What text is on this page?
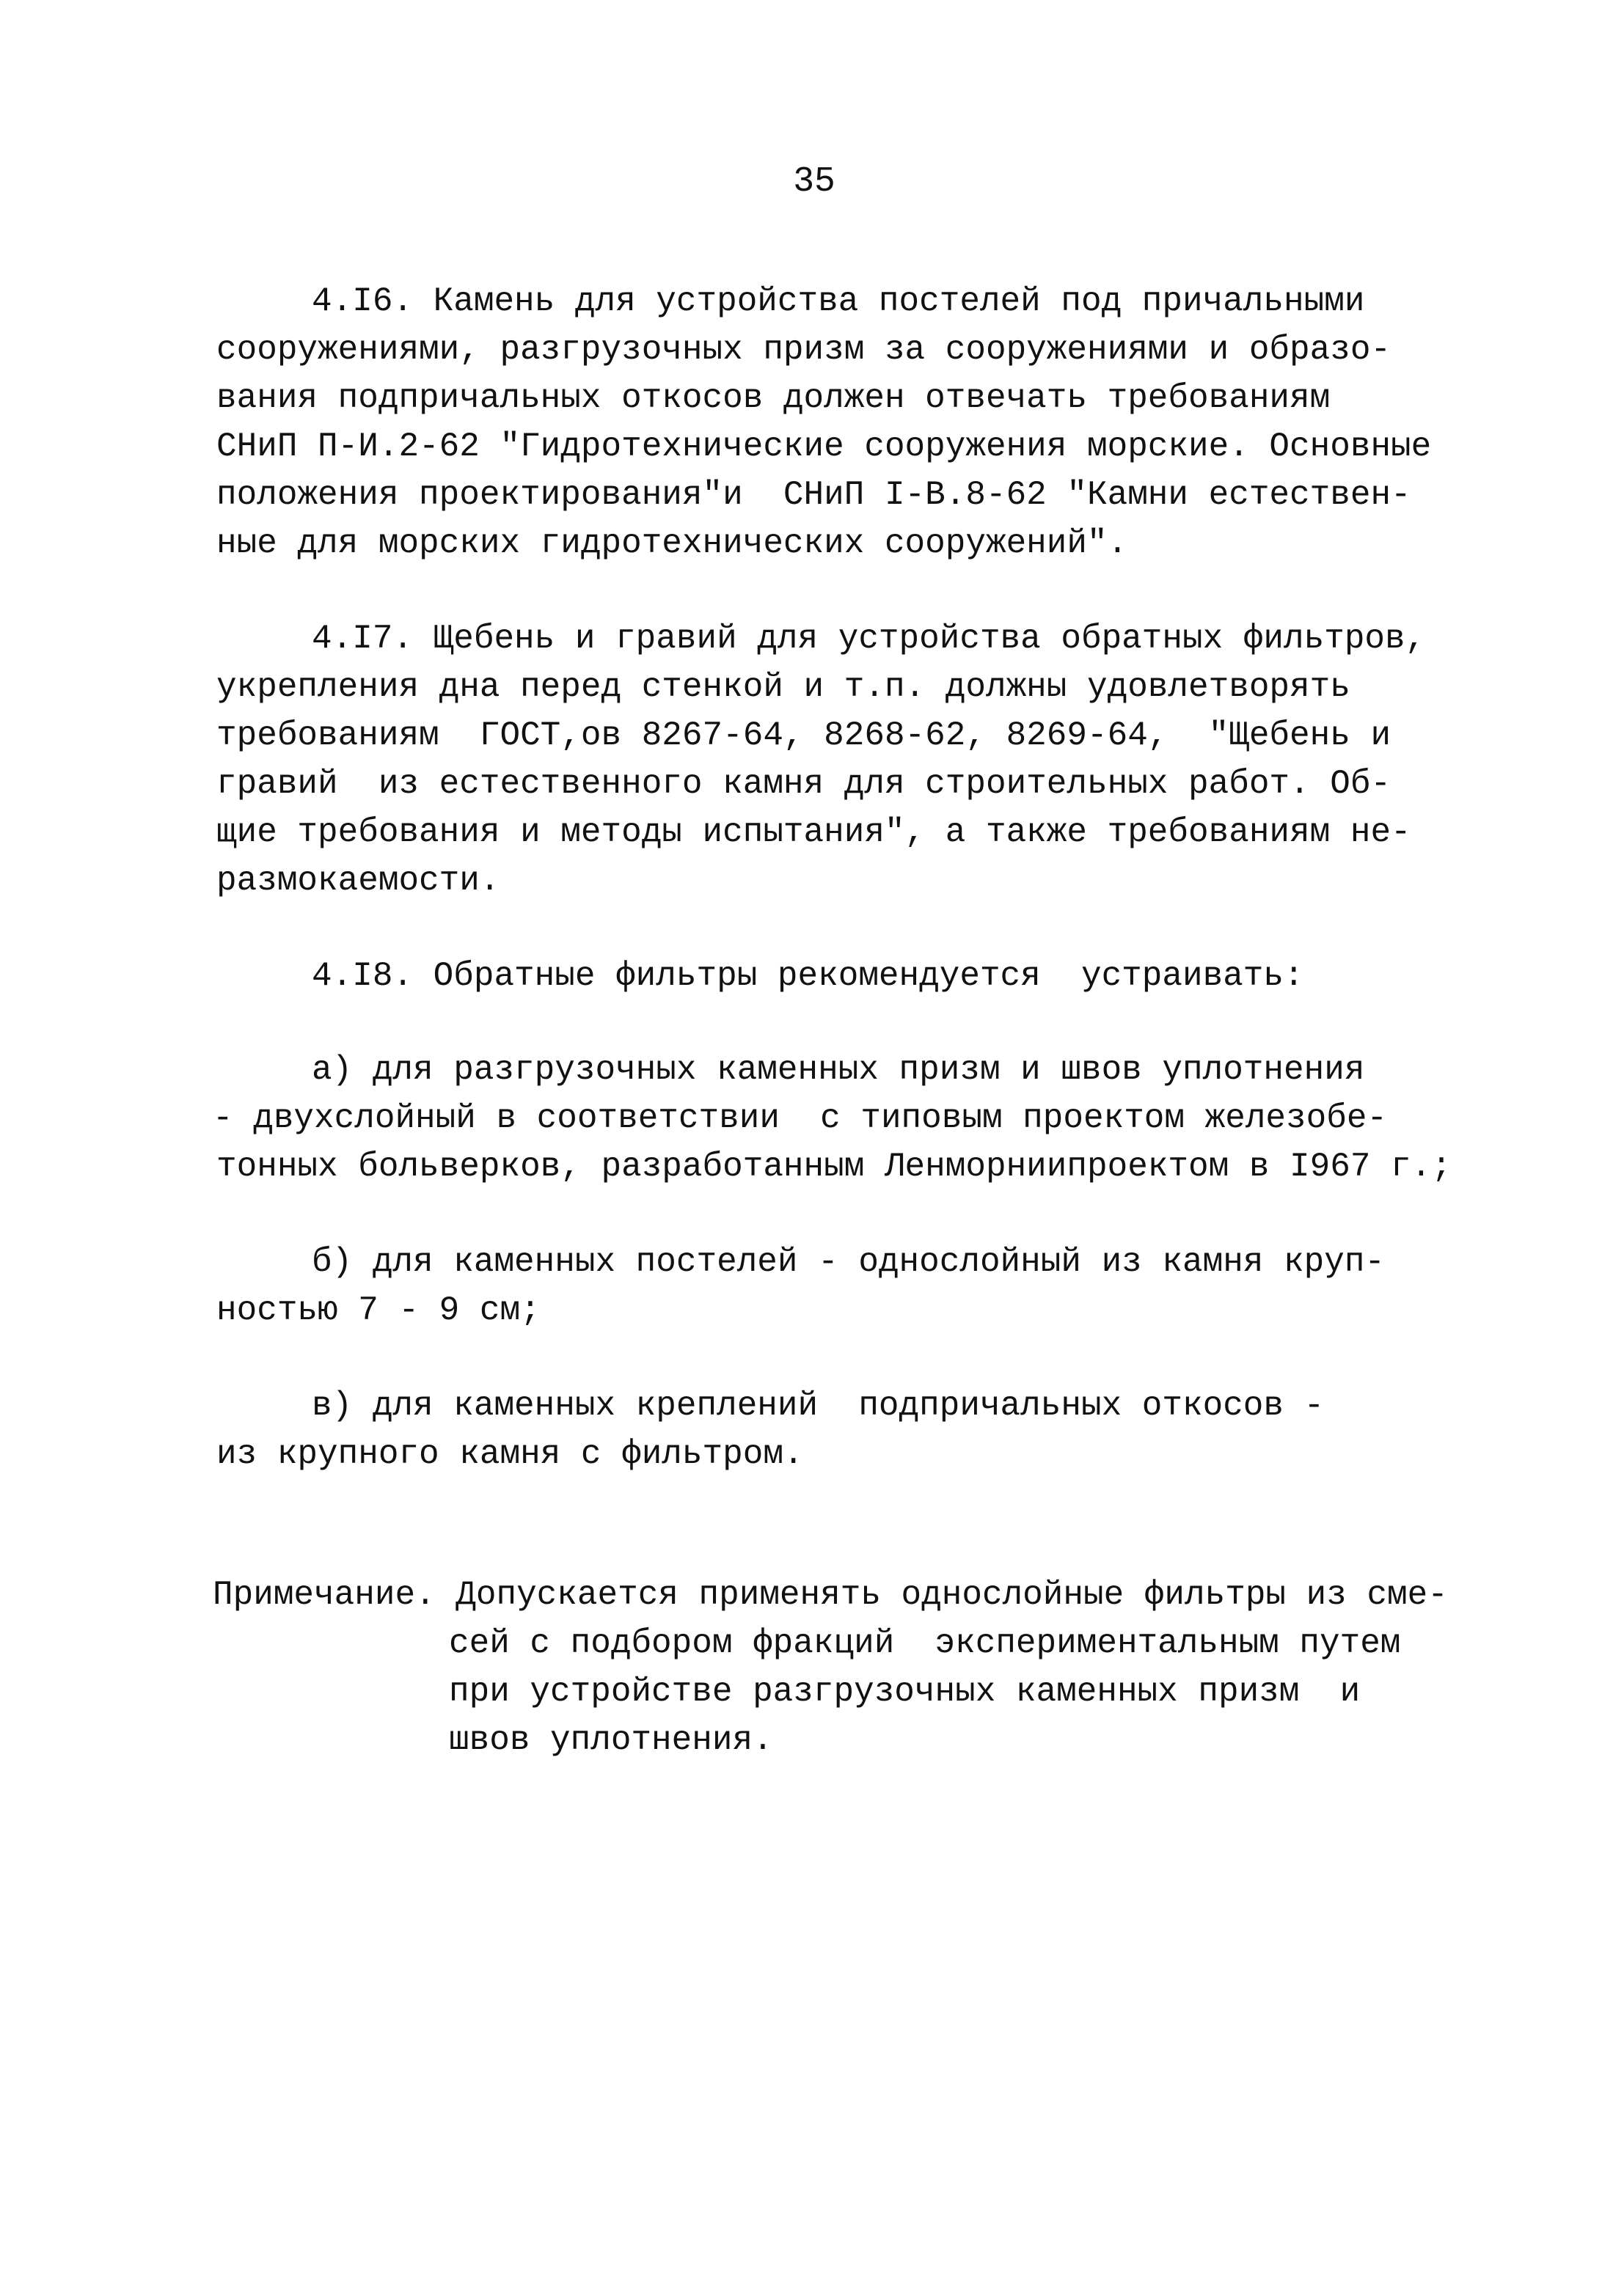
35
4.I6. Камень для устройства постелей под причальными
сооружениями, разгрузочных призм за сооружениями и образо-
вания подпричальных откосов должен отвечать требованиям
СНиП П-И.2-62 "Гидротехнические сооружения морские. Основные
положения проектирования"и  СНиП I-B.8-62 "Камни естествен-
ные для морских гидротехнических сооружений".
4.I7. Щебень и гравий для устройства обратных фильтров,
укрепления дна перед стенкой и т.п. должны удовлетворять
требованиям  ГОСТ,ов 8267-64, 8268-62, 8269-64,  "Щебень и
гравий  из естественного камня для строительных работ. Об-
щие требования и методы испытания", а также требованиям не-
размокаемости.
4.I8. Обратные фильтры рекомендуется  устраивать:
а) для разгрузочных каменных призм и швов уплотнения
- двухслойный в соответствии  с типовым проектом железобе-
тонных больверков, разработанным Ленморниипроектом в I967 г.;
б) для каменных постелей - однослойный из камня круп-
ностью 7 - 9 см;
в) для каменных креплений  подпричальных откосов -
из крупного камня с фильтром.
Примечание. Допускается применять однослойные фильтры из сме-
сей с подбором фракций  экспериментальным путем
при устройстве разгрузочных каменных призм  и
швов уплотнения.
